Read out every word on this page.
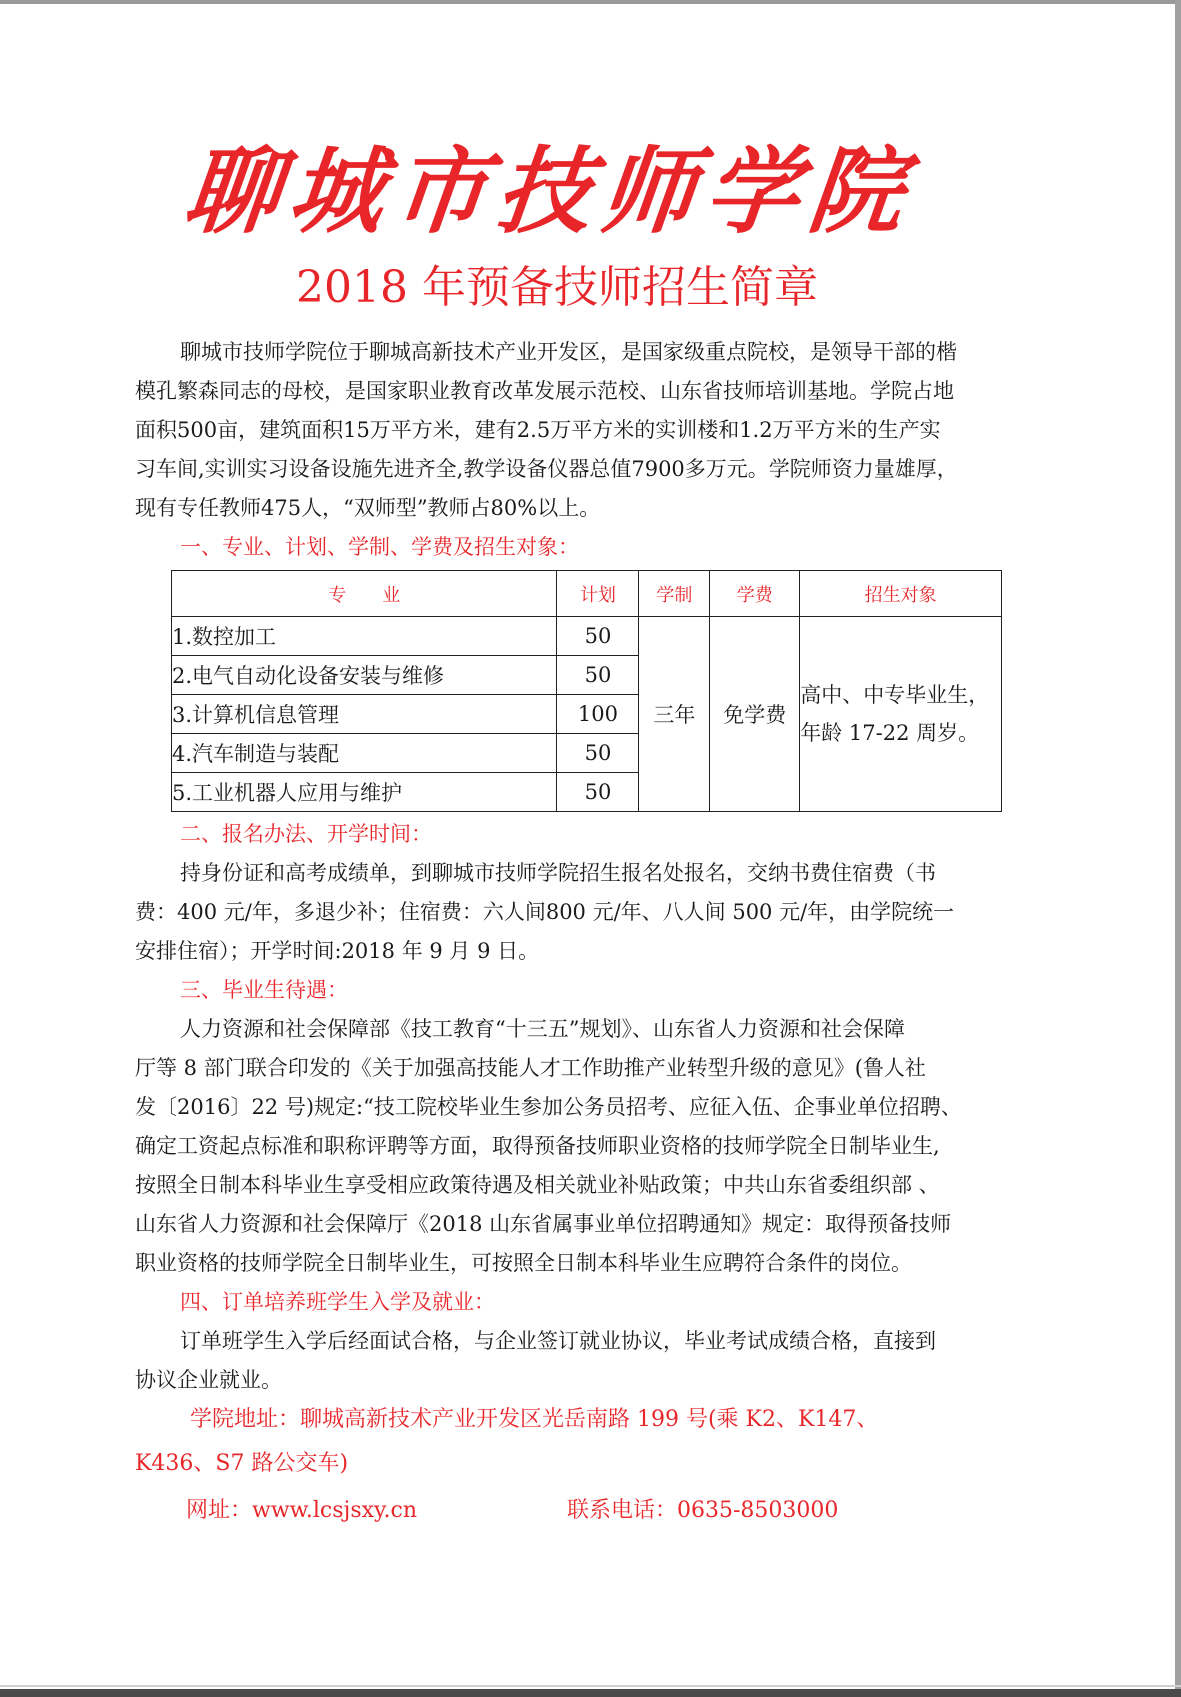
聊城市技师学院
2018 年预备技师招生简章
聊城市技师学院位于聊城高新技术产业开发区，是国家级重点院校，是领导干部的楷
模孔繁森同志的母校，是国家职业教育改革发展示范校、山东省技师培训基地。学院占地
面积500亩，建筑面积15万平方米，建有2.5万平方米的实训楼和1.2万平方米的生产实
习车间,实训实习设备设施先进齐全,教学设备仪器总值7900多万元。学院师资力量雄厚，
现有专任教师475人，“双师型”教师占80%以上。
一、专业、计划、学制、学费及招生对象：
专　　业	计划	学制	学费	招生对象
1.数控加工	50	三年	免学费	高中、中专毕业生，
年龄 17-22 周岁。

2.电气自动化设备安装与维修	50			
3.计算机信息管理	100			
4.汽车制造与装配	50			
5.工业机器人应用与维护	50			
二、报名办法、开学时间：
持身份证和高考成绩单，到聊城市技师学院招生报名处报名，交纳书费住宿费（书
费：400 元/年，多退少补；住宿费：六人间800 元/年、八人间 500 元/年，由学院统一
安排住宿）；开学时间:2018 年 9 月 9 日。
三、毕业生待遇：
人力资源和社会保障部《技工教育“十三五”规划》、山东省人力资源和社会保障
厅等 8 部门联合印发的《关于加强高技能人才工作助推产业转型升级的意见》(鲁人社
发〔2016〕22 号)规定:“技工院校毕业生参加公务员招考、应征入伍、企事业单位招聘、
确定工资起点标准和职称评聘等方面，取得预备技师职业资格的技师学院全日制毕业生,
按照全日制本科毕业生享受相应政策待遇及相关就业补贴政策；中共山东省委组织部 、
山东省人力资源和社会保障厅《2018 山东省属事业单位招聘通知》规定：取得预备技师
职业资格的技师学院全日制毕业生，可按照全日制本科毕业生应聘符合条件的岗位。
四、订单培养班学生入学及就业：
订单班学生入学后经面试合格，与企业签订就业协议，毕业考试成绩合格，直接到
协议企业就业。
学院地址：聊城高新技术产业开发区光岳南路 199 号(乘 K2、K147、
K436、S7 路公交车)
网址：www.lcsjsxy.cn	联系电话：0635-8503000
